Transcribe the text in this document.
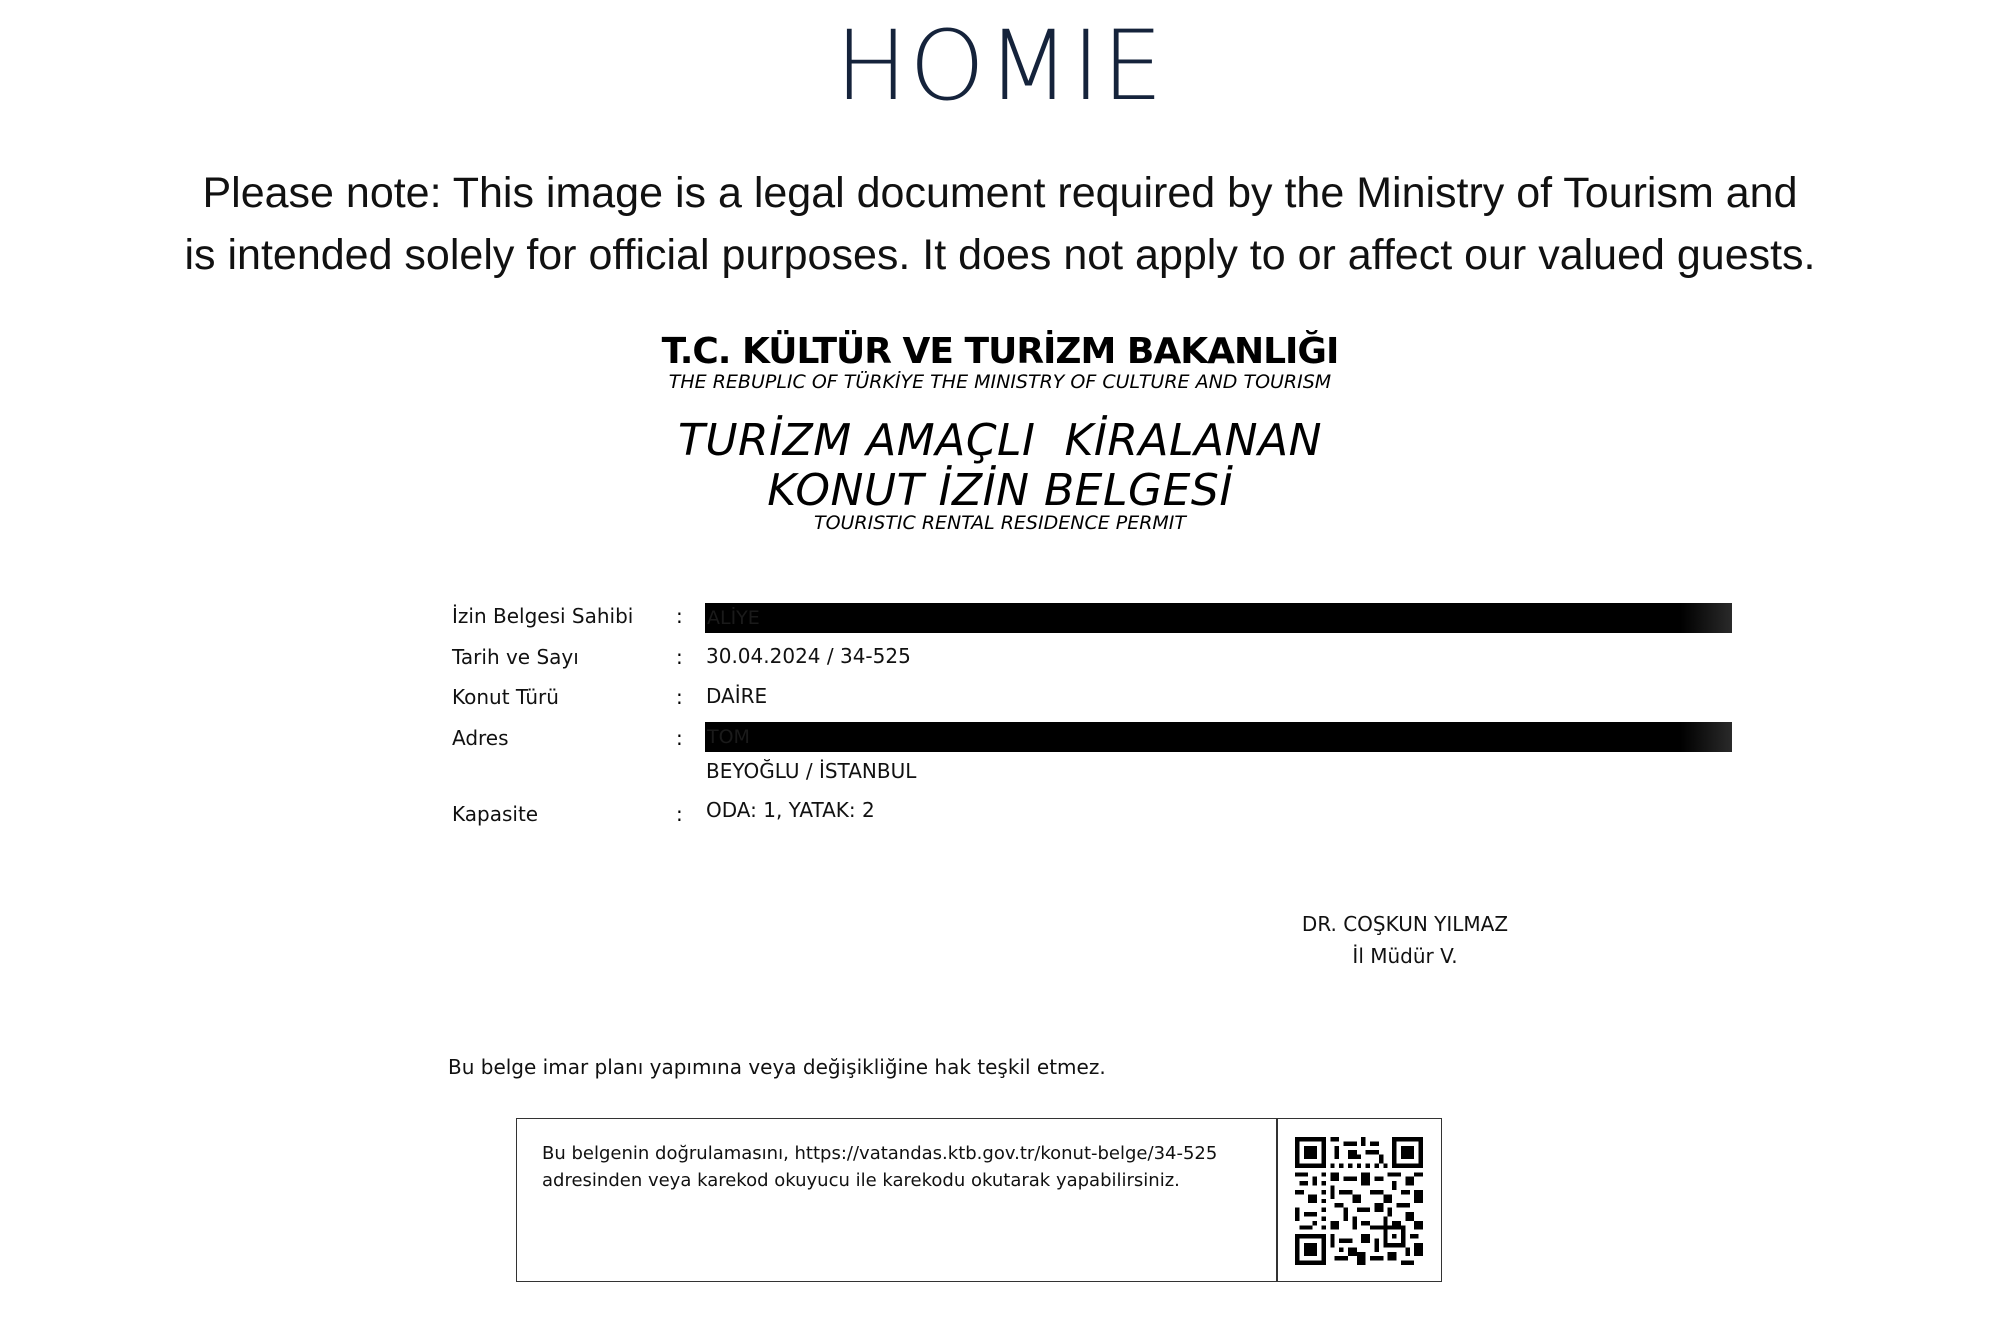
HOMIE
Please note: This image is a legal document required by the Ministry of Tourism and
is intended solely for official purposes. It does not apply to or affect our valued guests.
T.C. KÜLTÜR VE TURİZM BAKANLIĞI
THE REBUPLIC OF TÜRKİYE THE MINISTRY OF CULTURE AND TOURISM
TURİZM AMAÇLI  KİRALANAN
KONUT İZİN BELGESİ
TOURISTIC RENTAL RESIDENCE PERMIT
İzin Belgesi Sahibi : ALİYE
Tarih ve Sayı	: 30.04.2024 / 34-525
Konut Türü	: DAİRE
Adres	: TOM
BEYOĞLU / İSTANBUL
Kapasite	: ODA: 1, YATAK: 2
DR. COŞKUN YILMAZ
İl Müdür V.
Bu belge imar planı yapımına veya değişikliğine hak teşkil etmez.
Bu belgenin doğrulamasını, https://vatandas.ktb.gov.tr/konut-belge/34-525
adresinden veya karekod okuyucu ile karekodu okutarak yapabilirsiniz.
